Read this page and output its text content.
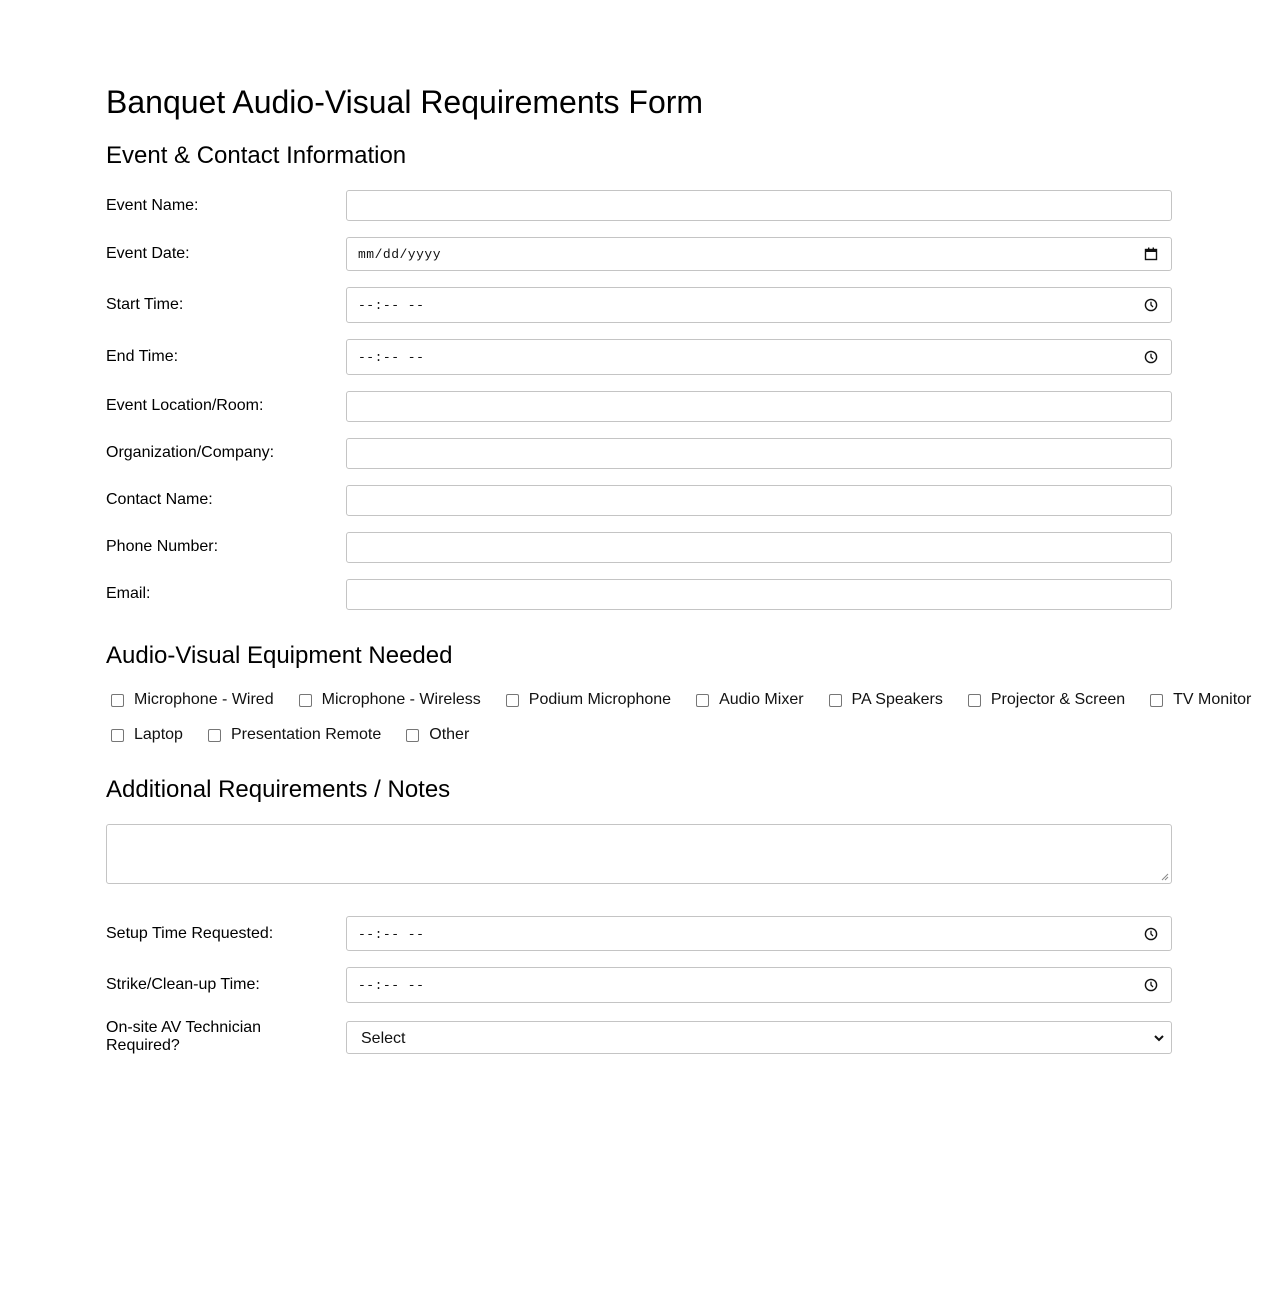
Banquet Audio-Visual Requirements Form
Event & Contact Information
Event Name:
Event Date:	mm/dd/yyyy
Start Time:	--:-- --
End Time:	--:-- --
Event Location/Room:
Organization/Company:
Contact Name:
Phone Number:
Email:
Audio-Visual Equipment Needed
Microphone - Wired	Microphone - Wireless	Podium Microphone	Audio Mixer	PA Speakers	Projector & Screen	TV Monitor
Laptop	Presentation Remote	Other
Additional Requirements / Notes
Setup Time Requested:	--:-- --
Strike/Clean-up Time:	--:-- --
On-site AV Technician Required?	Select
